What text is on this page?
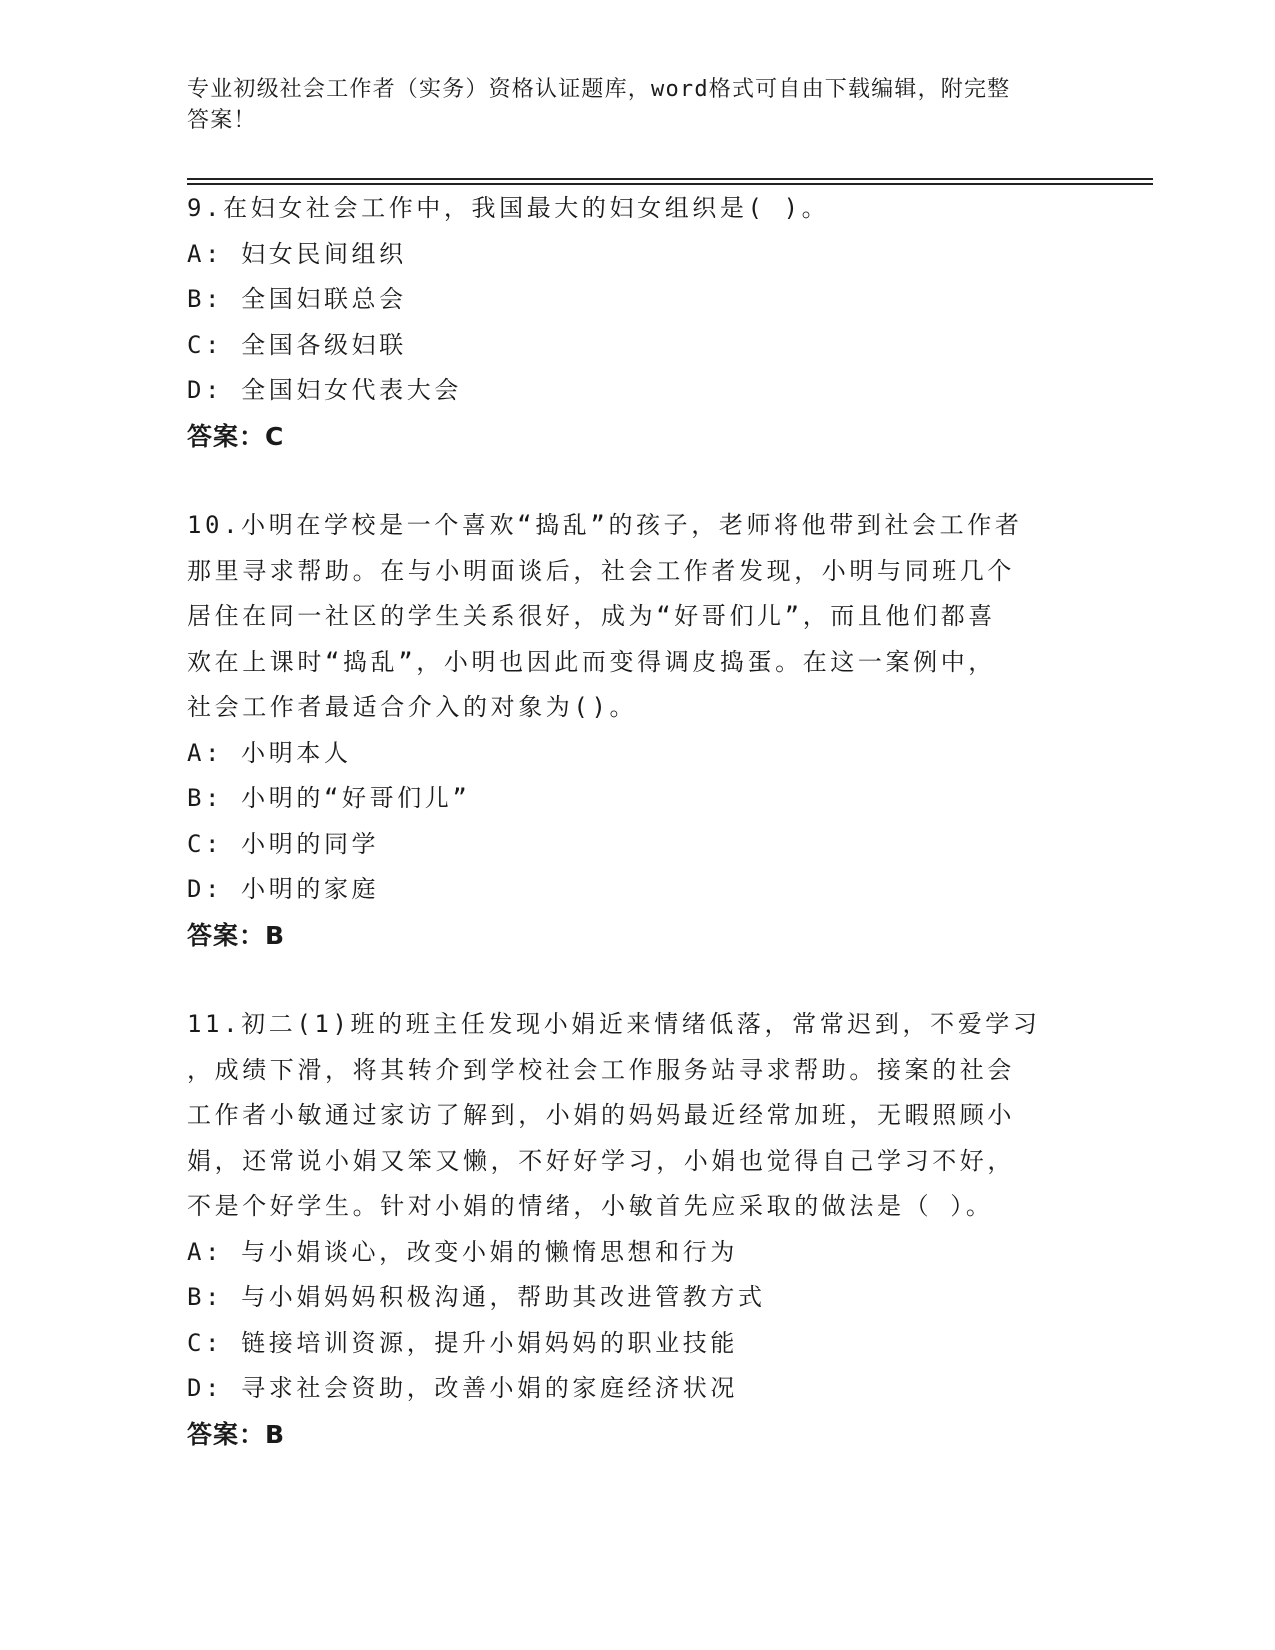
专业初级社会工作者（实务）资格认证题库，word格式可自由下载编辑，附完整
答案！
9.在妇女社会工作中，我国最大的妇女组织是( )。
A: 妇女民间组织
B: 全国妇联总会
C: 全国各级妇联
D: 全国妇女代表大会
答案：C
10.小明在学校是一个喜欢“捣乱”的孩子，老师将他带到社会工作者
那里寻求帮助。在与小明面谈后，社会工作者发现，小明与同班几个
居住在同一社区的学生关系很好，成为“好哥们儿”，而且他们都喜
欢在上课时“捣乱”，小明也因此而变得调皮捣蛋。在这一案例中，
社会工作者最适合介入的对象为()。
A: 小明本人
B: 小明的“好哥们儿”
C: 小明的同学
D: 小明的家庭
答案：B
11.初二(1)班的班主任发现小娟近来情绪低落，常常迟到，不爱学习
，成绩下滑，将其转介到学校社会工作服务站寻求帮助。接案的社会
工作者小敏通过家访了解到，小娟的妈妈最近经常加班，无暇照顾小
娟，还常说小娟又笨又懒，不好好学习，小娟也觉得自己学习不好，
不是个好学生。针对小娟的情绪，小敏首先应采取的做法是（ ）。
A: 与小娟谈心，改变小娟的懒惰思想和行为
B: 与小娟妈妈积极沟通，帮助其改进管教方式
C: 链接培训资源，提升小娟妈妈的职业技能
D: 寻求社会资助，改善小娟的家庭经济状况
答案：B
